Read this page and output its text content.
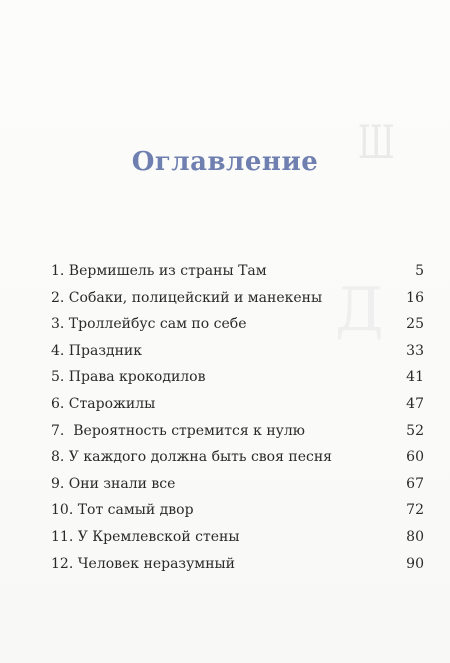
Ш
Д
Оглавление
1. Вермишель из страны Там	5
2. Собаки, полицейский и манекены	16
3. Троллейбус сам по себе	25
4. Праздник	33
5. Права крокодилов	41
6. Старожилы	47
7.  Вероятность стремится к нулю	52
8. У каждого должна быть своя песня	60
9. Они знали все	67
10. Тот самый двор	72
11. У Кремлевской стены	80
12. Человек неразумный	90
